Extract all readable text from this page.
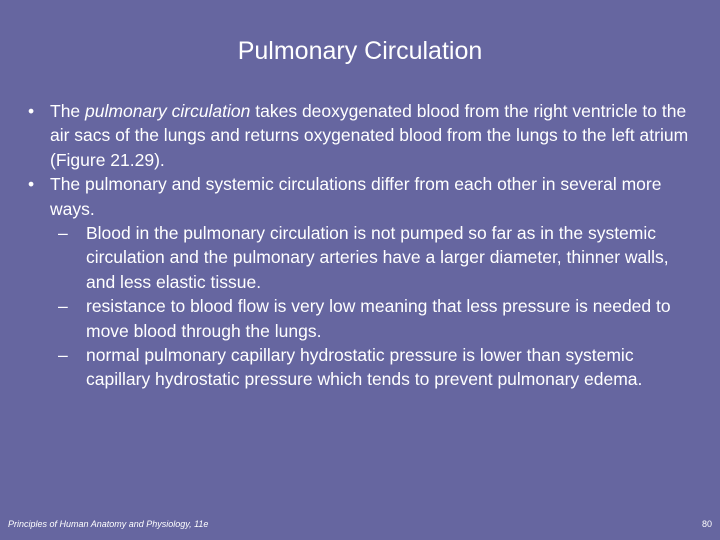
Pulmonary Circulation
• The pulmonary circulation takes deoxygenated blood from the right ventricle to the air sacs of the lungs and returns oxygenated blood from the lungs to the left atrium (Figure 21.29).
• The pulmonary and systemic circulations differ from each other in several more ways.
– Blood in the pulmonary circulation is not pumped so far as in the systemic circulation and the pulmonary arteries have a larger diameter, thinner walls, and less elastic tissue.
– resistance to blood flow is very low meaning that less pressure is needed to move blood through the lungs.
– normal pulmonary capillary hydrostatic pressure is lower than systemic capillary hydrostatic pressure which tends to prevent pulmonary edema.
Principles of Human Anatomy and Physiology, 11e	80
